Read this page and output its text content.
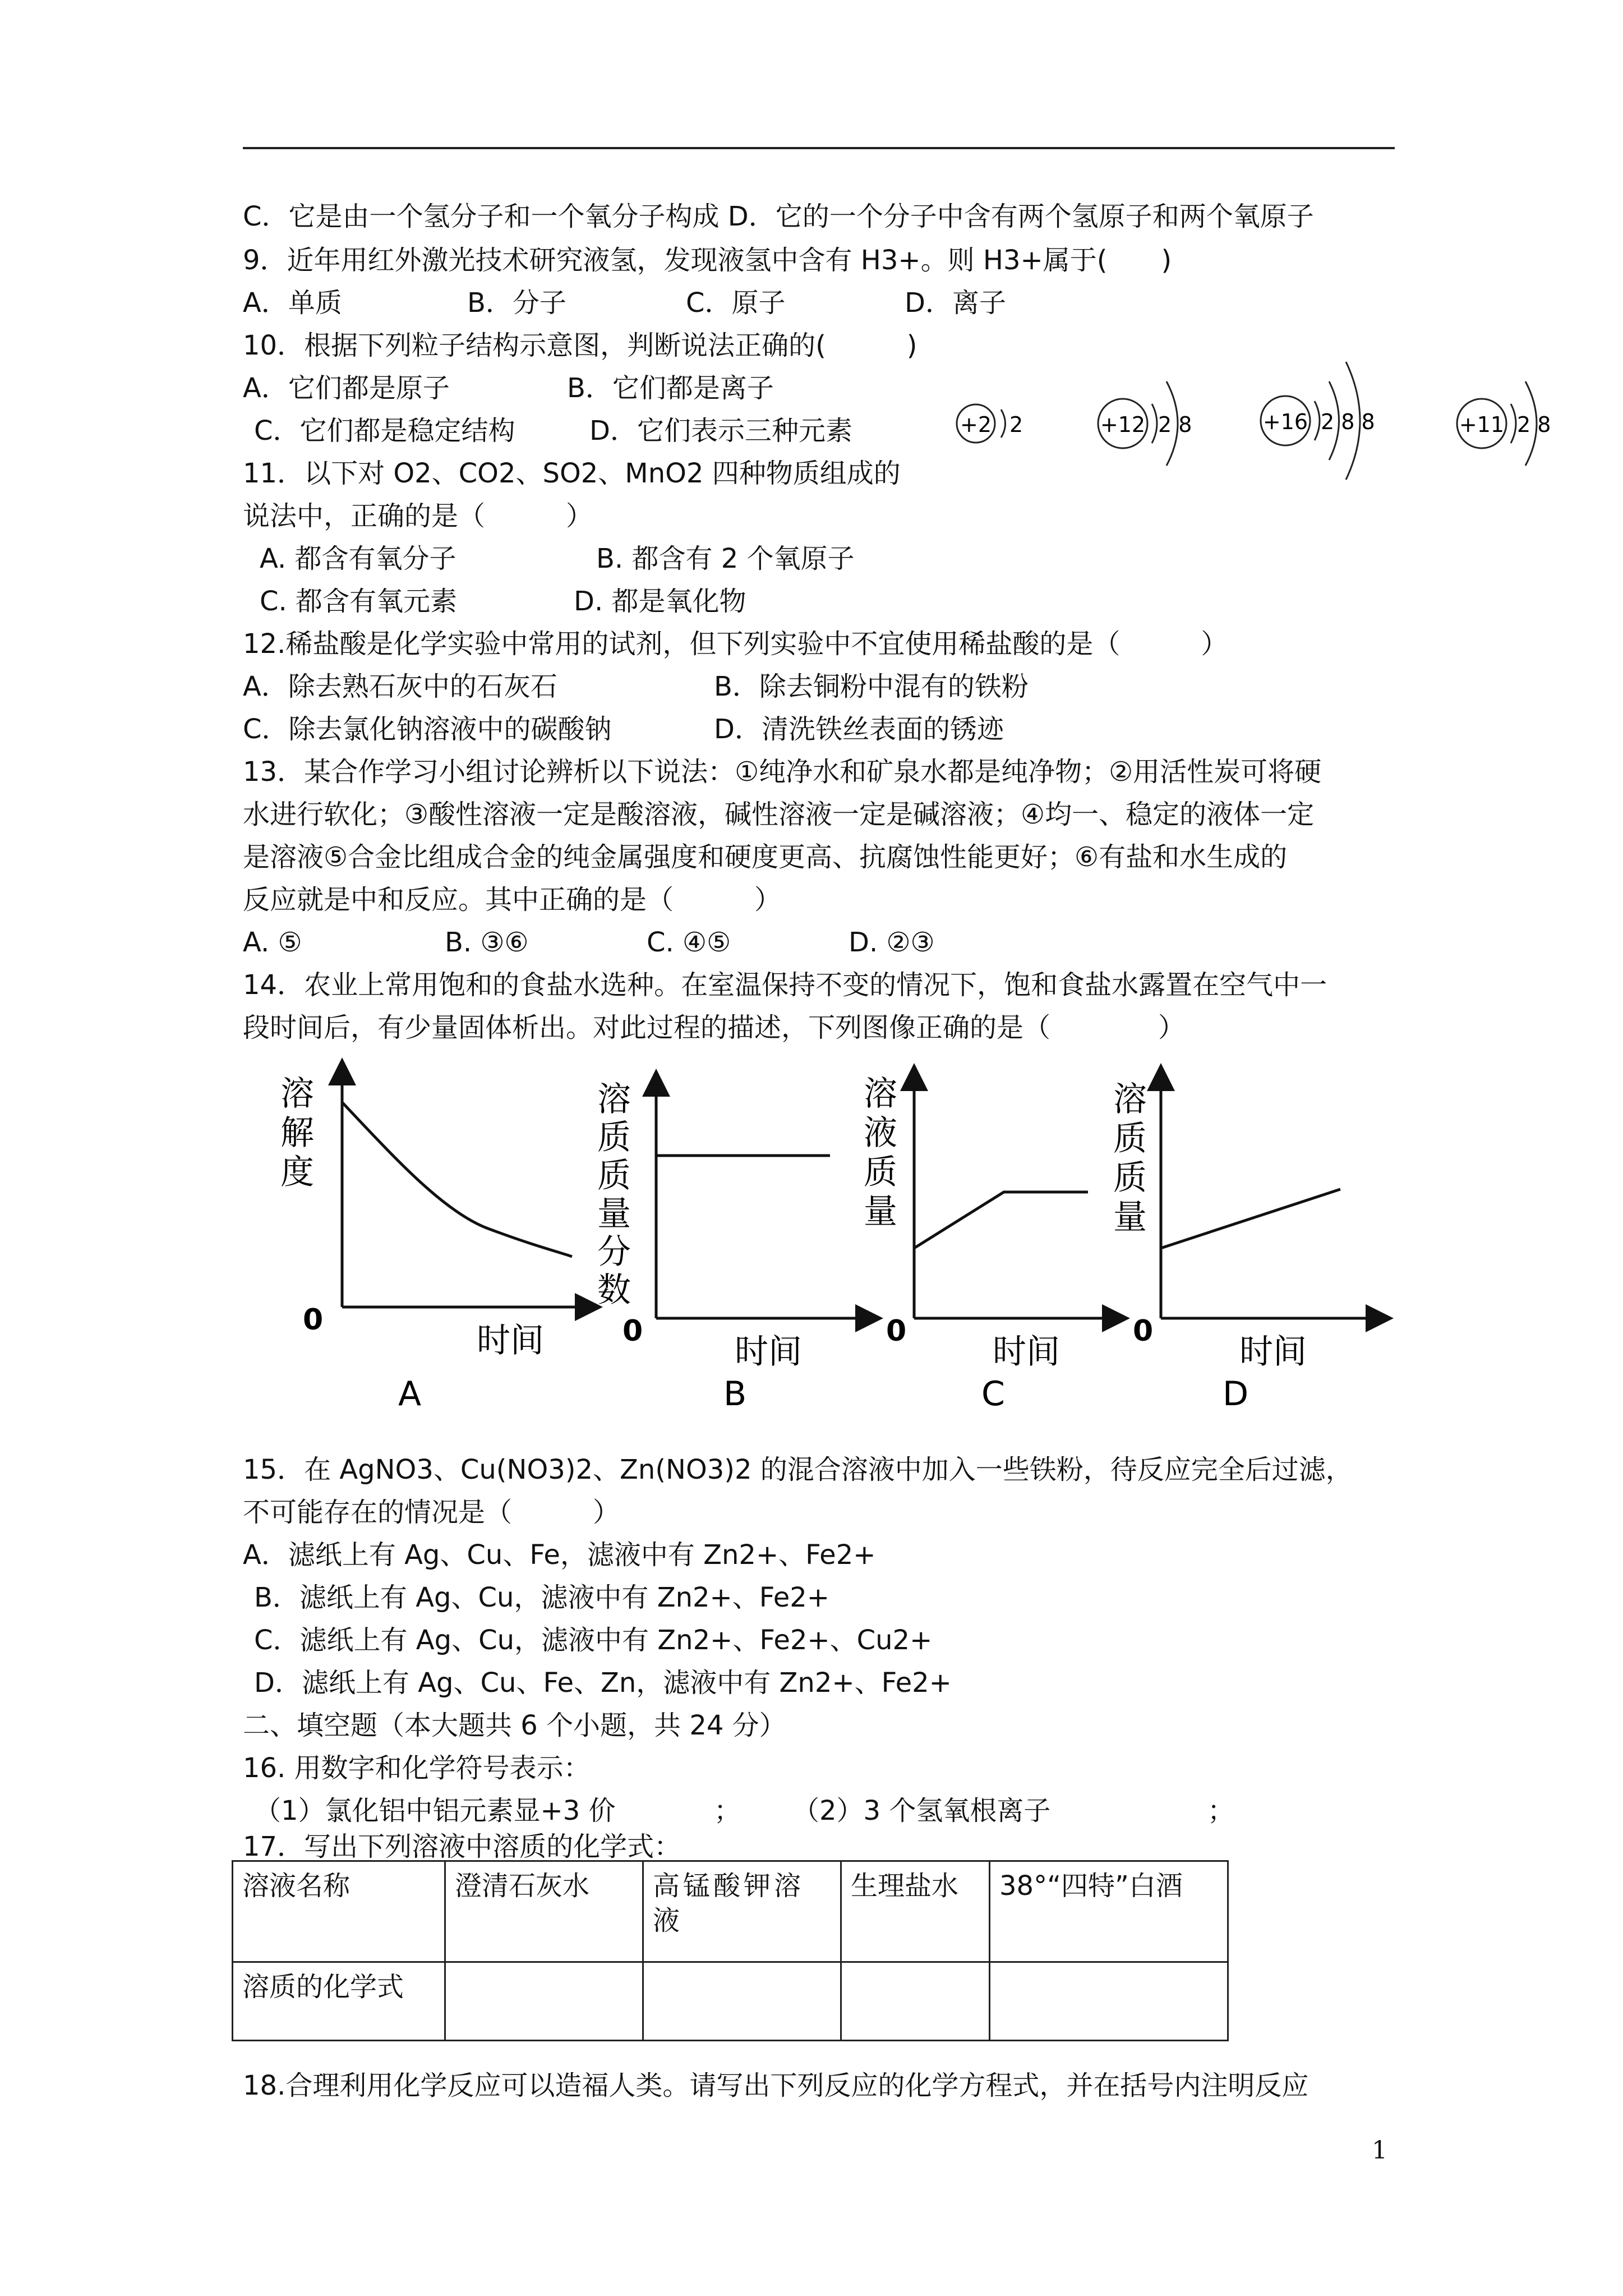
C．它是由一个氢分子和一个氧分子构成 D．它的一个分子中含有两个氢原子和两个氧原子
9．近年用红外激光技术研究液氢，发现液氢中含有 H3+。则 H3+属于(　　)
A．单质	B．分子	C．原子	D．离子
10．根据下列粒子结构示意图，判断说法正确的(　　　)
A．它们都是原子	B．它们都是离子
C．它们都是稳定结构	D．它们表示三种元素
11．以下对 O2、CO2、SO2、MnO2 四种物质组成的
说法中，正确的是（　　　）
A. 都含有氧分子	B. 都含有 2 个氧原子
C. 都含有氧元素	D. 都是氧化物
12.稀盐酸是化学实验中常用的试剂，但下列实验中不宜使用稀盐酸的是（　　　）
A．除去熟石灰中的石灰石	B．除去铜粉中混有的铁粉
C．除去氯化钠溶液中的碳酸钠	D．清洗铁丝表面的锈迹
13．某合作学习小组讨论辨析以下说法：①纯净水和矿泉水都是纯净物；②用活性炭可将硬
水进行软化；③酸性溶液一定是酸溶液，碱性溶液一定是碱溶液；④均一、稳定的液体一定
是溶液⑤合金比组成合金的纯金属强度和硬度更高、抗腐蚀性能更好；⑥有盐和水生成的
反应就是中和反应。其中正确的是（　　　）
A. ⑤	B. ③⑥	C. ④⑤	D. ②③
14．农业上常用饱和的食盐水选种。在室温保持不变的情况下，饱和食盐水露置在空气中一
段时间后，有少量固体析出。对此过程的描述，下列图像正确的是（　　　　）
+2 2	+12 2 8	+16 2 8 8	+11 2 8
溶
解
度
0
时间
A
溶
质
质
量
分
数
0
时间
B
溶
液
质
量
0
时间
C
溶
质
质
量
0
时间
D
15．在 AgNO3、Cu(NO3)2、Zn(NO3)2 的混合溶液中加入一些铁粉，待反应完全后过滤，
不可能存在的情况是（　　　）
A．滤纸上有 Ag、Cu、Fe，滤液中有 Zn2+、Fe2+
B．滤纸上有 Ag、Cu，滤液中有 Zn2+、Fe2+
C．滤纸上有 Ag、Cu，滤液中有 Zn2+、Fe2+、Cu2+
D．滤纸上有 Ag、Cu、Fe、Zn，滤液中有 Zn2+、Fe2+
二、填空题（本大题共 6 个小题，共 24 分）
16. 用数字和化学符号表示：
（1）氯化铝中铝元素显+3 价	； （2）3 个氢氧根离子	；
17．写出下列溶液中溶质的化学式：
溶液名称	澄清石灰水	高锰酸钾溶液	生理盐水	38°“四特”白酒
溶质的化学式				
18.合理利用化学反应可以造福人类。请写出下列反应的化学方程式，并在括号内注明反应
1
